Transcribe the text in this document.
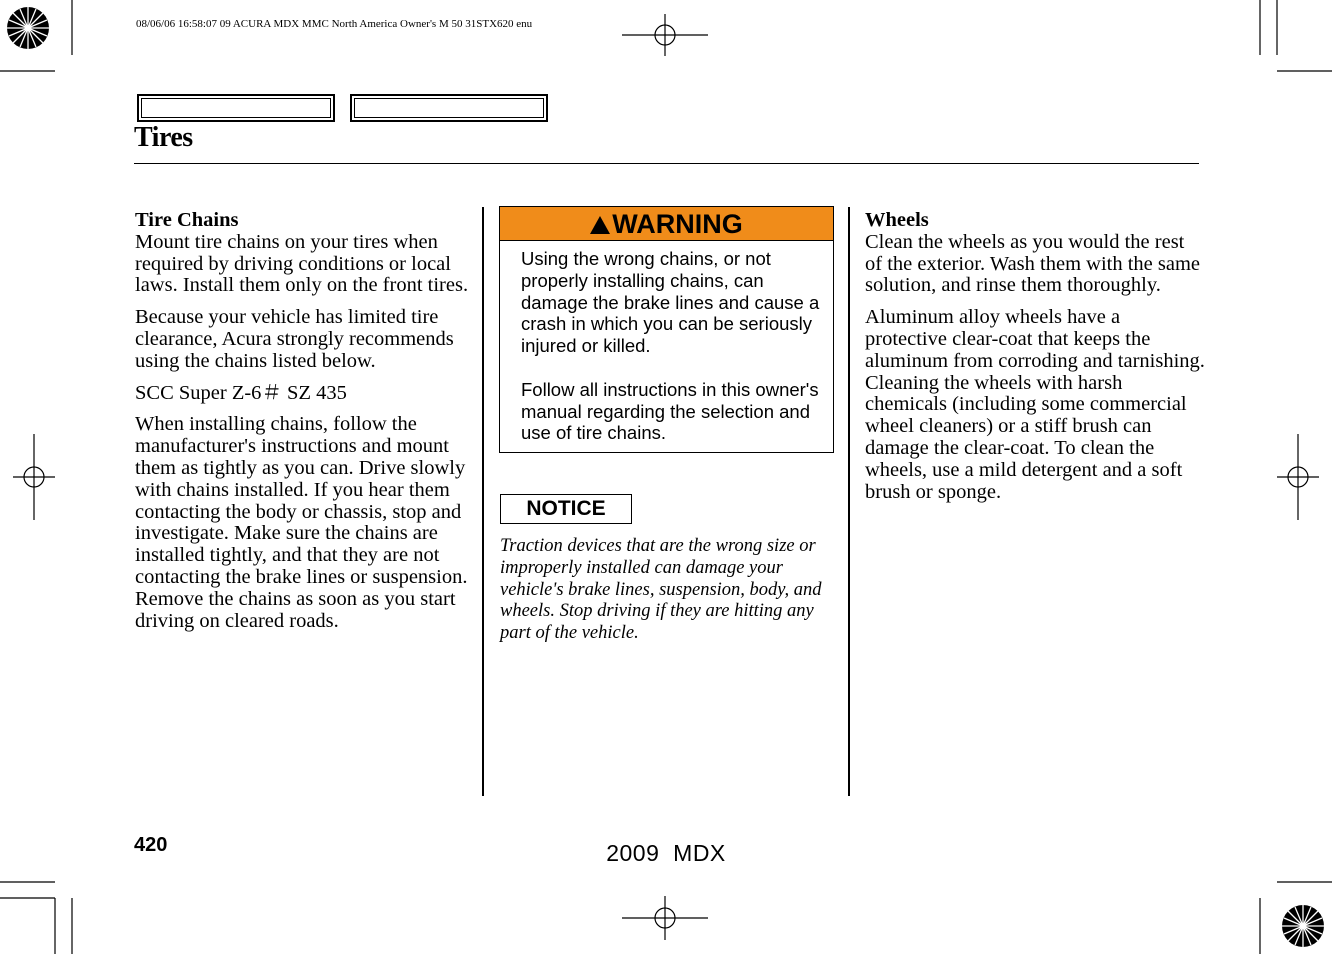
08/06/06 16:58:07 09 ACURA MDX MMC North America Owner's M 50 31STX620 enu
Tires
Tire Chains

Mount tire chains on your tires when required by driving conditions or local laws. Install them only on the front tires.

Because your vehicle has limited tire clearance, Acura strongly recommends using the chains listed below.

SCC Super Z-6＃ SZ 435

When installing chains, follow the manufacturer's instructions and mount them as tightly as you can. Drive slowly with chains installed. If you hear them contacting the body or chassis, stop and investigate. Make sure the chains are installed tightly, and that they are not contacting the brake lines or suspension. Remove the chains as soon as you start driving on cleared roads.

WARNING

Using the wrong chains, or not properly installing chains, can damage the brake lines and cause a crash in which you can be seriously injured or killed.

Follow all instructions in this owner's manual regarding the selection and use of tire chains.

NOTICE
Traction devices that are the wrong size or improperly installed can damage your vehicle's brake lines, suspension, body, and wheels. Stop driving if they are hitting any part of the vehicle.
Wheels

Clean the wheels as you would the rest of the exterior. Wash them with the same solution, and rinse them thoroughly.

Aluminum alloy wheels have a protective clear-coat that keeps the aluminum from corroding and tarnishing. Cleaning the wheels with harsh chemicals (including some commercial wheel cleaners) or a stiff brush can damage the clear-coat. To clean the wheels, use a mild detergent and a soft brush or sponge.

420	2009  MDX
